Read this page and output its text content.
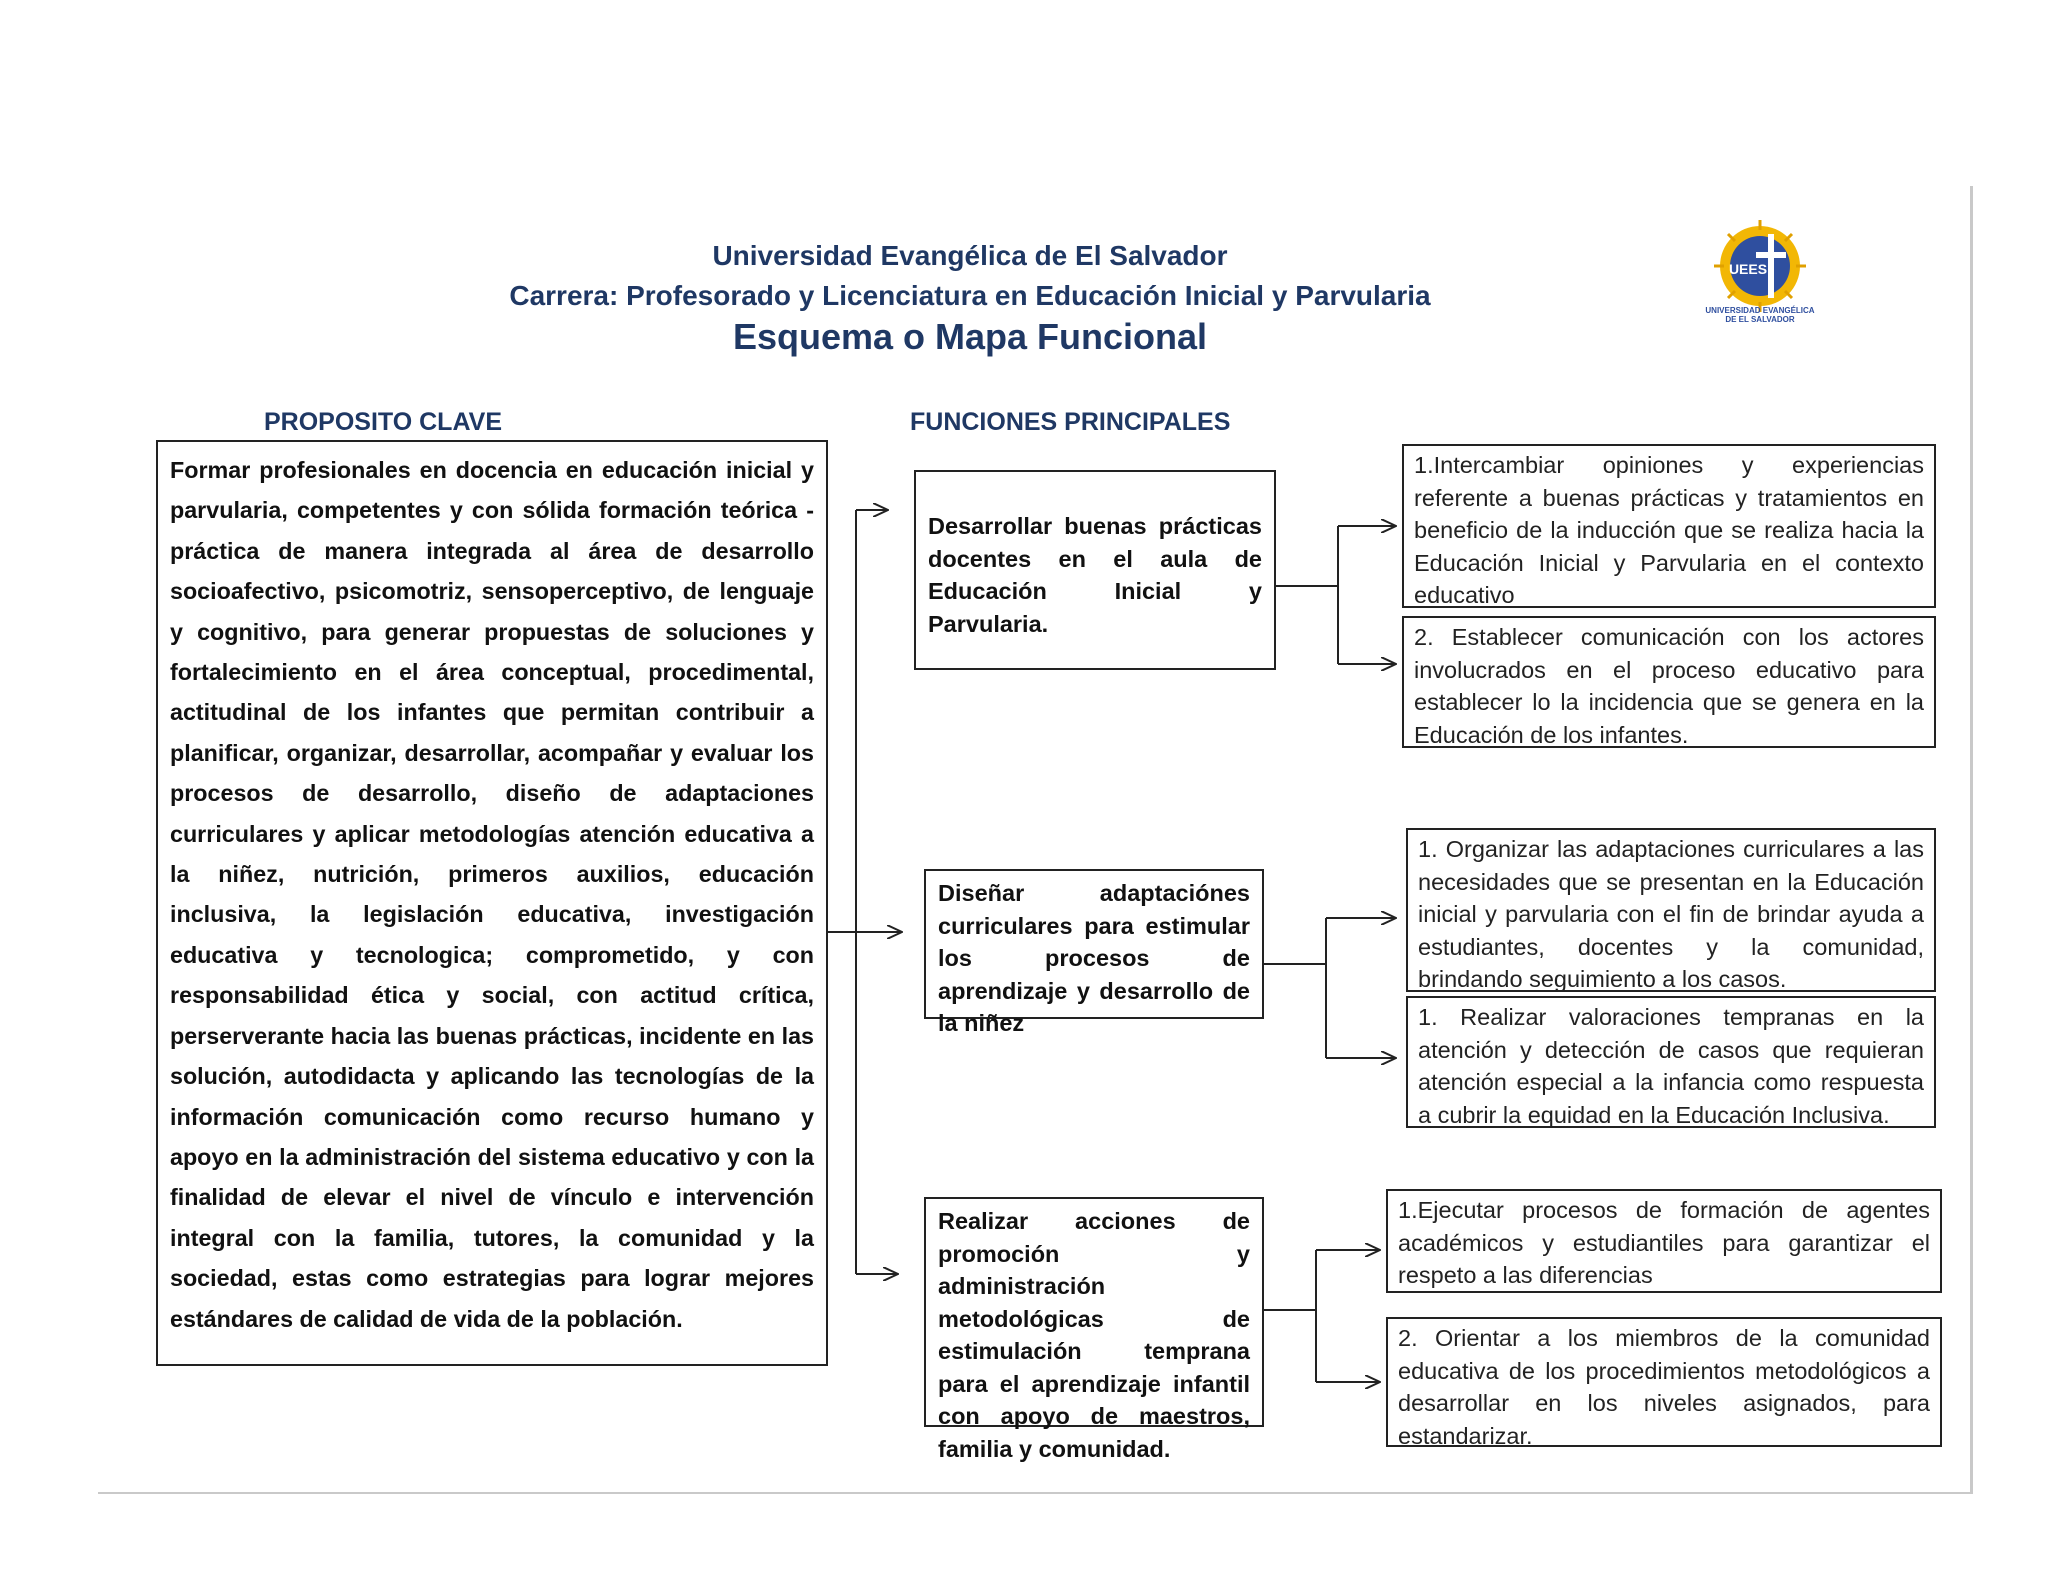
Universidad Evangélica de El Salvador
Carrera: Profesorado y Licenciatura en Educación Inicial y Parvularia
Esquema o Mapa Funcional
UEES
UNIVERSIDAD EVANGÉLICA
DE EL SALVADOR
PROPOSITO CLAVE	FUNCIONES PRINCIPALES
Formar profesionales en docencia en educación inicial y parvularia, competentes y con sólida formación teórica -práctica de manera integrada al área de desarrollo socioafectivo, psicomotriz, sensoperceptivo, de lenguaje y cognitivo, para generar propuestas de soluciones y fortalecimiento en el área conceptual, procedimental, actitudinal de los infantes que permitan contribuir a planificar, organizar, desarrollar, acompañar y evaluar los procesos de desarrollo, diseño de adaptaciones curriculares y aplicar metodologías atención educativa a la niñez, nutrición, primeros auxilios, educación inclusiva, la legislación educativa, investigación educativa y tecnologica; comprometido, y con responsabilidad ética y social, con actitud crítica, perserverante hacia las buenas prácticas, incidente en las solución, autodidacta y aplicando las tecnologías de la información comunicación como recurso humano y apoyo en la administración del sistema educativo y con la finalidad de elevar el nivel de vínculo e intervención integral con la familia, tutores, la comunidad y la sociedad, estas como estrategias para lograr mejores estándares de calidad de vida de la población.
Desarrollar buenas prácticas docentes en el aula de Educación Inicial y Parvularia.
Diseñar adaptaciónes curriculares para estimular los procesos de aprendizaje y desarrollo de la niñez
Realizar acciones de promoción y administración metodológicas de estimulación temprana para el aprendizaje infantil con apoyo de maestros, familia y comunidad.
1.Intercambiar opiniones y experiencias referente a buenas prácticas y tratamientos en beneficio de la inducción que se realiza hacia la Educación Inicial y Parvularia en el contexto educativo
2. Establecer comunicación con los actores involucrados en el proceso educativo para establecer lo la incidencia que se genera en la Educación de los infantes.
1. Organizar las adaptaciones curriculares a las necesidades que se presentan en la Educación inicial y parvularia con el fin de brindar ayuda a estudiantes, docentes y la comunidad, brindando seguimiento a los casos.
1. Realizar valoraciones tempranas en la atención y detección de casos que requieran atención especial a la infancia como respuesta a cubrir la equidad en la Educación Inclusiva.
1.Ejecutar procesos de formación de agentes académicos y estudiantiles para garantizar el respeto a las diferencias
2. Orientar a los miembros de la comunidad educativa de los procedimientos metodológicos a desarrollar en los niveles asignados, para estandarizar.
